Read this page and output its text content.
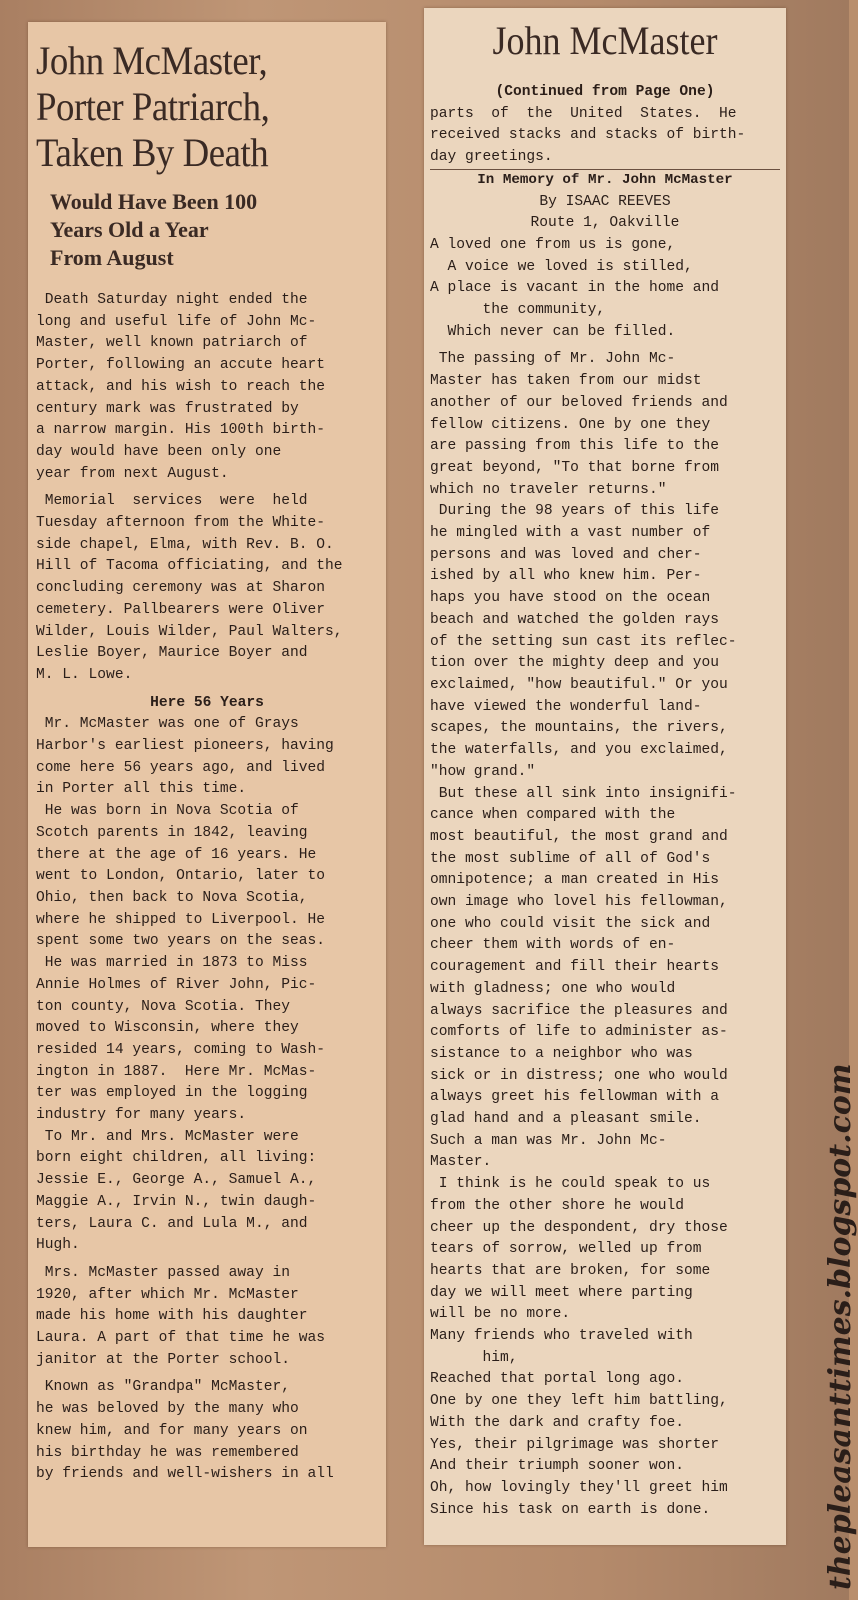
John McMaster,
Porter Patriarch,
Taken By Death
Would Have Been 100
Years Old a Year
From August

Death Saturday night ended the
long and useful life of John Mc-
Master, well known patriarch of
Porter, following an accute heart
attack, and his wish to reach the
century mark was frustrated by
a narrow margin. His 100th birth-
day would have been only one
year from next August.

Memorial  services  were  held
Tuesday afternoon from the White-
side chapel, Elma, with Rev. B. O.
Hill of Tacoma officiating, and the
concluding ceremony was at Sharon
cemetery. Pallbearers were Oliver
Wilder, Louis Wilder, Paul Walters,
Leslie Boyer, Maurice Boyer and
M. L. Lowe.

Here 56 Years

Mr. McMaster was one of Grays
Harbor's earliest pioneers, having
come here 56 years ago, and lived
in Porter all this time.

He was born in Nova Scotia of
Scotch parents in 1842, leaving
there at the age of 16 years. He
went to London, Ontario, later to
Ohio, then back to Nova Scotia,
where he shipped to Liverpool. He
spent some two years on the seas.

He was married in 1873 to Miss
Annie Holmes of River John, Pic-
ton county, Nova Scotia. They
moved to Wisconsin, where they
resided 14 years, coming to Wash-
ington in 1887.  Here Mr. McMas-
ter was employed in the logging
industry for many years.

To Mr. and Mrs. McMaster were
born eight children, all living:
Jessie E., George A., Samuel A.,
Maggie A., Irvin N., twin daugh-
ters, Laura C. and Lula M., and
Hugh.

Mrs. McMaster passed away in
1920, after which Mr. McMaster
made his home with his daughter
Laura. A part of that time he was
janitor at the Porter school.

Known as "Grandpa" McMaster,
he was beloved by the many who
knew him, and for many years on
his birthday he was remembered
by friends and well-wishers in all

John McMaster
(Continued from Page One)

parts  of  the  United  States.  He
received stacks and stacks of birth-
day greetings.

In Memory of Mr. John McMaster

By ISAAC REEVES

Route 1, Oakville

A loved one from us is gone,
A voice we loved is stilled,
A place is vacant in the home and
the community,
Which never can be filled.

The passing of Mr. John Mc-
Master has taken from our midst
another of our beloved friends and
fellow citizens. One by one they
are passing from this life to the
great beyond, "To that borne from
which no traveler returns."

During the 98 years of this life
he mingled with a vast number of
persons and was loved and cher-
ished by all who knew him. Per-
haps you have stood on the ocean
beach and watched the golden rays
of the setting sun cast its reflec-
tion over the mighty deep and you
exclaimed, "how beautiful." Or you
have viewed the wonderful land-
scapes, the mountains, the rivers,
the waterfalls, and you exclaimed,
"how grand."

But these all sink into insignifi-
cance when compared with the
most beautiful, the most grand and
the most sublime of all of God's
omnipotence; a man created in His
own image who lovel his fellowman,
one who could visit the sick and
cheer them with words of en-
couragement and fill their hearts
with gladness; one who would
always sacrifice the pleasures and
comforts of life to administer as-
sistance to a neighbor who was
sick or in distress; one who would
always greet his fellowman with a
glad hand and a pleasant smile.
Such a man was Mr. John Mc-
Master.

I think is he could speak to us
from the other shore he would
cheer up the despondent, dry those
tears of sorrow, welled up from
hearts that are broken, for some
day we will meet where parting
will be no more.

Many friends who traveled with
him,
Reached that portal long ago.
One by one they left him battling,
With the dark and crafty foe.
Yes, their pilgrimage was shorter
And their triumph sooner won.
Oh, how lovingly they'll greet him
Since his task on earth is done.	thepleasanttimes.blogspot.com
